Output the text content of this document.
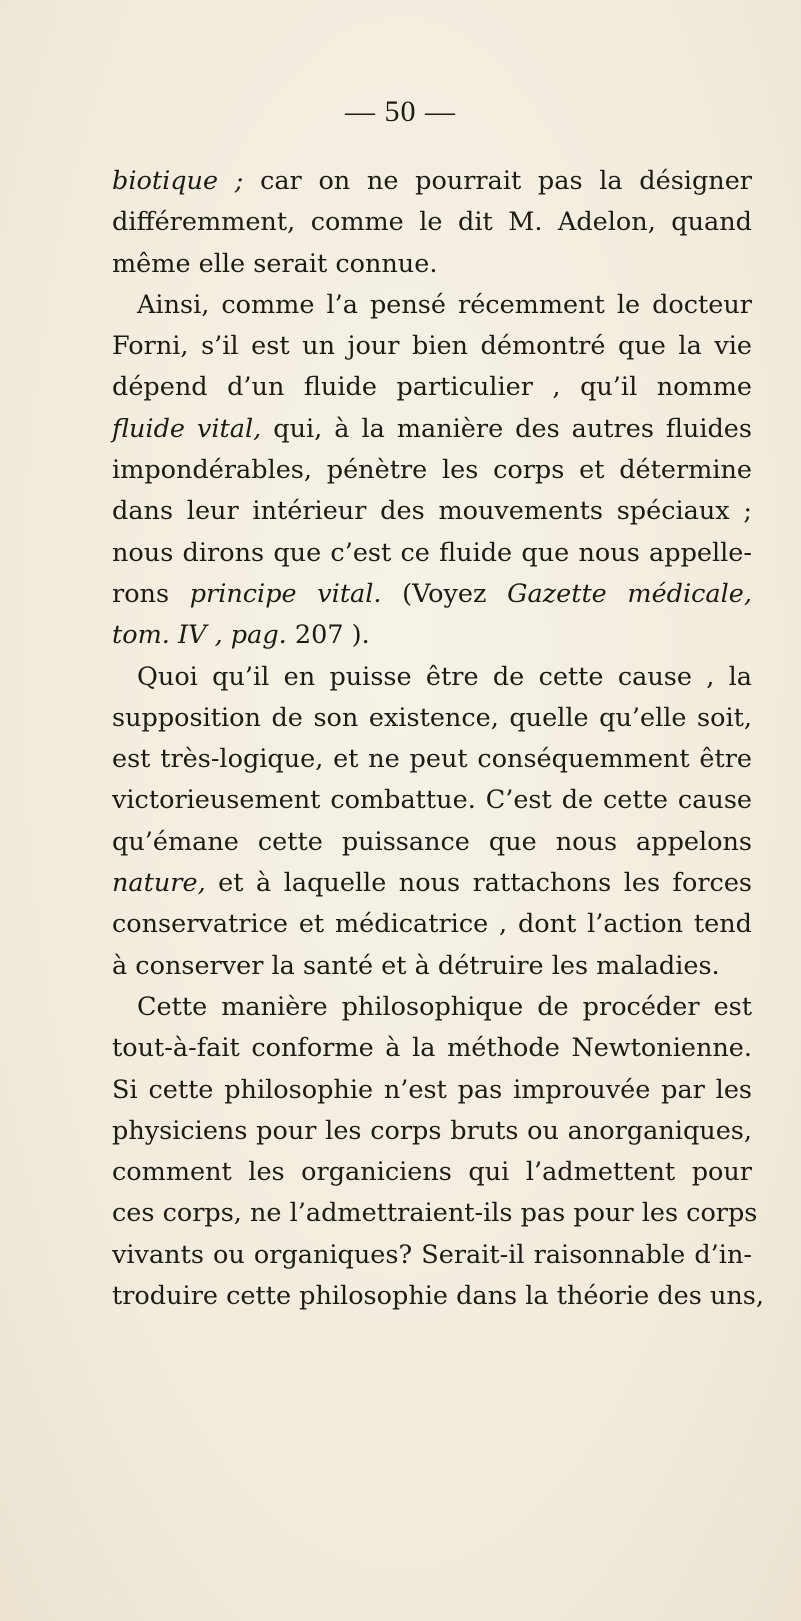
— 50 —
biotique ; car on ne pourrait pas la désigner
différemment, comme le dit M. Adelon, quand
même elle serait connue.
Ainsi, comme l’a pensé récemment le docteur
Forni, s’il est un jour bien démontré que la vie
dépend d’un fluide particulier , qu’il nomme
fluide vital, qui, à la manière des autres fluides
impondérables, pénètre les corps et détermine
dans leur intérieur des mouvements spéciaux ;
nous dirons que c’est ce fluide que nous appelle-
rons principe vital. (Voyez Gazette médicale,
tom. IV , pag. 207 ).
Quoi qu’il en puisse être de cette cause , la
supposition de son existence, quelle qu’elle soit,
est très-logique, et ne peut conséquemment être
victorieusement combattue. C’est de cette cause
qu’émane cette puissance que nous appelons
nature, et à laquelle nous rattachons les forces
conservatrice et médicatrice , dont l’action tend
à conserver la santé et à détruire les maladies.
Cette manière philosophique de procéder est
tout-à-fait conforme à la méthode Newtonienne.
Si cette philosophie n’est pas improuvée par les
physiciens pour les corps bruts ou anorganiques,
comment les organiciens qui l’admettent pour
ces corps, ne l’admettraient-ils pas pour les corps
vivants ou organiques? Serait-il raisonnable d’in-
troduire cette philosophie dans la théorie des uns,
